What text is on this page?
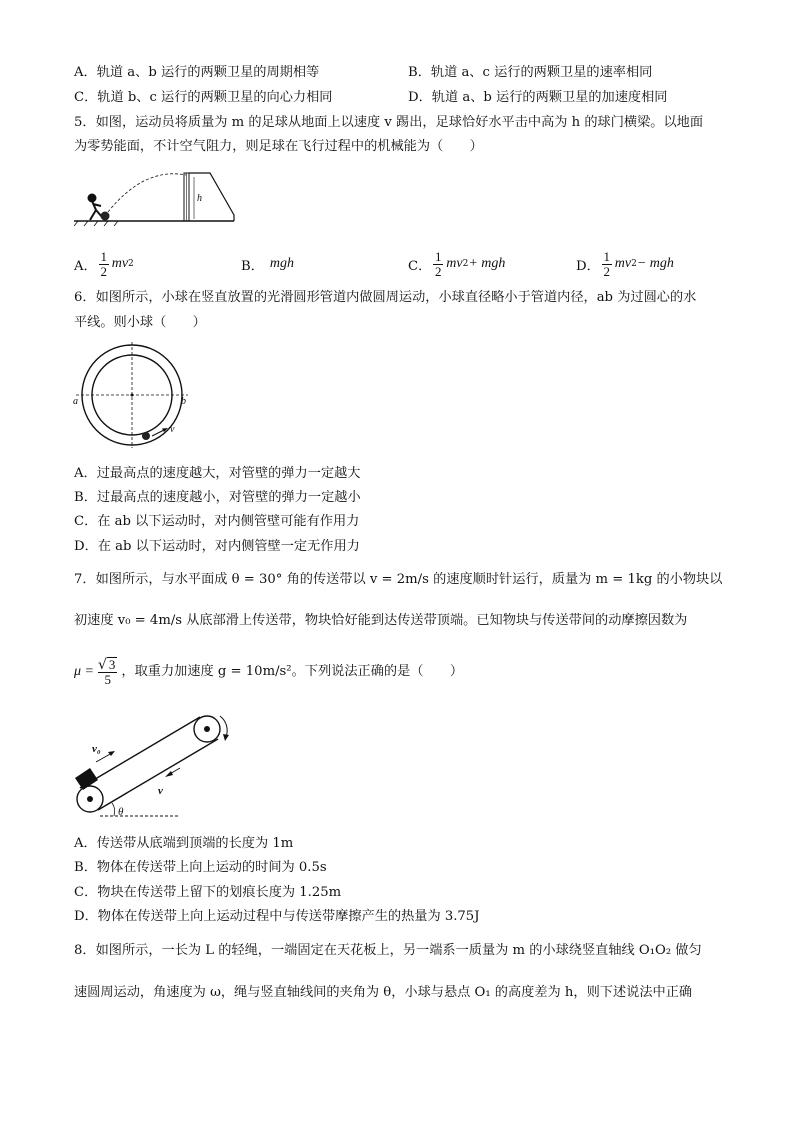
A．轨道 a、b 运行的两颗卫星的周期相等	B．轨道 a、c 运行的两颗卫星的速率相同
C．轨道 b、c 运行的两颗卫星的向心力相同	D．轨道 a、b 运行的两颗卫星的加速度相同
5．如图，运动员将质量为 m 的足球从地面上以速度 v 踢出，足球恰好水平击中高为 h 的球门横梁。以地面
为零势能面，不计空气阻力，则足球在飞行过程中的机械能为（　　）
h
A． $\frac{1}{2}$ mv 2	B． mgh	C． $\frac{1}{2}$ mv 2 + mgh	D． $\frac{1}{2}$ mv 2 − mgh
6．如图所示，小球在竖直放置的光滑圆形管道内做圆周运动，小球直径略小于管道内径，ab 为过圆心的水
平线。则小球（　　）
a	b
v
A．过最高点的速度越大，对管壁的弹力一定越大
B．过最高点的速度越小，对管壁的弹力一定越小
C．在 ab 以下运动时，对内侧管壁可能有作用力
D．在 ab 以下运动时，对内侧管壁一定无作用力
7．如图所示，与水平面成 θ = 30° 角的传送带以 v = 2m/s 的速度顺时针运行，质量为 m = 1kg 的小物块以
初速度 v₀ = 4m/s 从底部滑上传送带，物块恰好能到达传送带顶端。已知物块与传送带间的动摩擦因数为
$\mu = \frac{√ 3}{5}$ ，取重力加速度 g = 10m/s²。下列说法正确的是（　　）
v₀
v
θ
A．传送带从底端到顶端的长度为 1m
B．物体在传送带上向上运动的时间为 0.5s
C．物块在传送带上留下的划痕长度为 1.25m
D．物体在传送带上向上运动过程中与传送带摩擦产生的热量为 3.75J
8．如图所示，一长为 L 的轻绳，一端固定在天花板上，另一端系一质量为 m 的小球绕竖直轴线 O₁O₂ 做匀
速圆周运动，角速度为 ω，绳与竖直轴线间的夹角为 θ，小球与悬点 O₁ 的高度差为 h，则下述说法中正确
